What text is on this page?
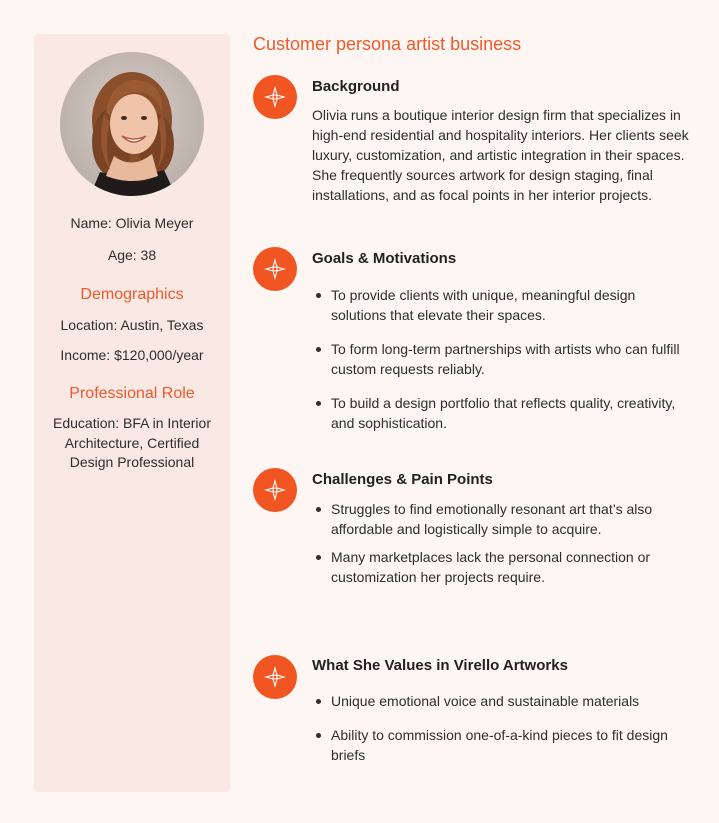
Customer persona artist business
Name: Olivia Meyer
Age: 38
Demographics
Location: Austin, Texas
Income: $120,000/year
Professional Role
Education: BFA in Interior Architecture, Certified Design Professional
Background
Olivia runs a boutique interior design firm that specializes in high-end residential and hospitality interiors. Her clients seek luxury, customization, and artistic integration in their spaces. She frequently sources artwork for design staging, final installations, and as focal points in her interior projects.
Goals & Motivations
To provide clients with unique, meaningful design solutions that elevate their spaces.
To form long-term partnerships with artists who can fulfill custom requests reliably.
To build a design portfolio that reflects quality, creativity, and sophistication.
Challenges & Pain Points
Struggles to find emotionally resonant art that’s also affordable and logistically simple to acquire.
Many marketplaces lack the personal connection or customization her projects require.
What She Values in Virello Artworks
Unique emotional voice and sustainable materials
Ability to commission one-of-a-kind pieces to fit design briefs
